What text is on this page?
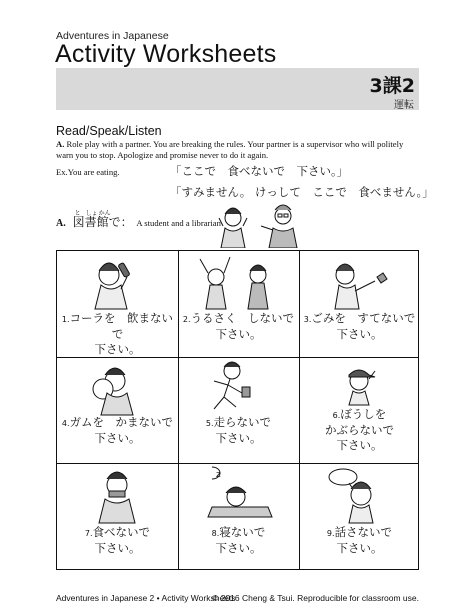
Adventures in Japanese
Activity Worksheets
3課2
運転
Read/Speak/Listen
A. Role play with a partner. You are breaking the rules. Your partner is a supervisor who will politely warn you to stop. Apologize and promise never to do it again.
Ex.You are eating.	「ここで　食べないで　下さい。」
「すみません。 けっして　ここで　食べません。」
A.
と しょ かん
図書館で： A student and a librarian
1.コーラを　飲まないで
下さい。
2.うるさく　しないで
下さい。
3.ごみを　すてないで
下さい。
4.ガムを　かまないで
下さい。
5.走らないで
下さい。
6.ぼうしを
かぶらないで
下さい。
7.食べないで
下さい。
z
8.寝ないで
下さい。
9.話さないで
下さい。
Adventures in Japanese 2 • Activity Worksheets
© 2016 Cheng & Tsui. Reproducible for classroom use.
